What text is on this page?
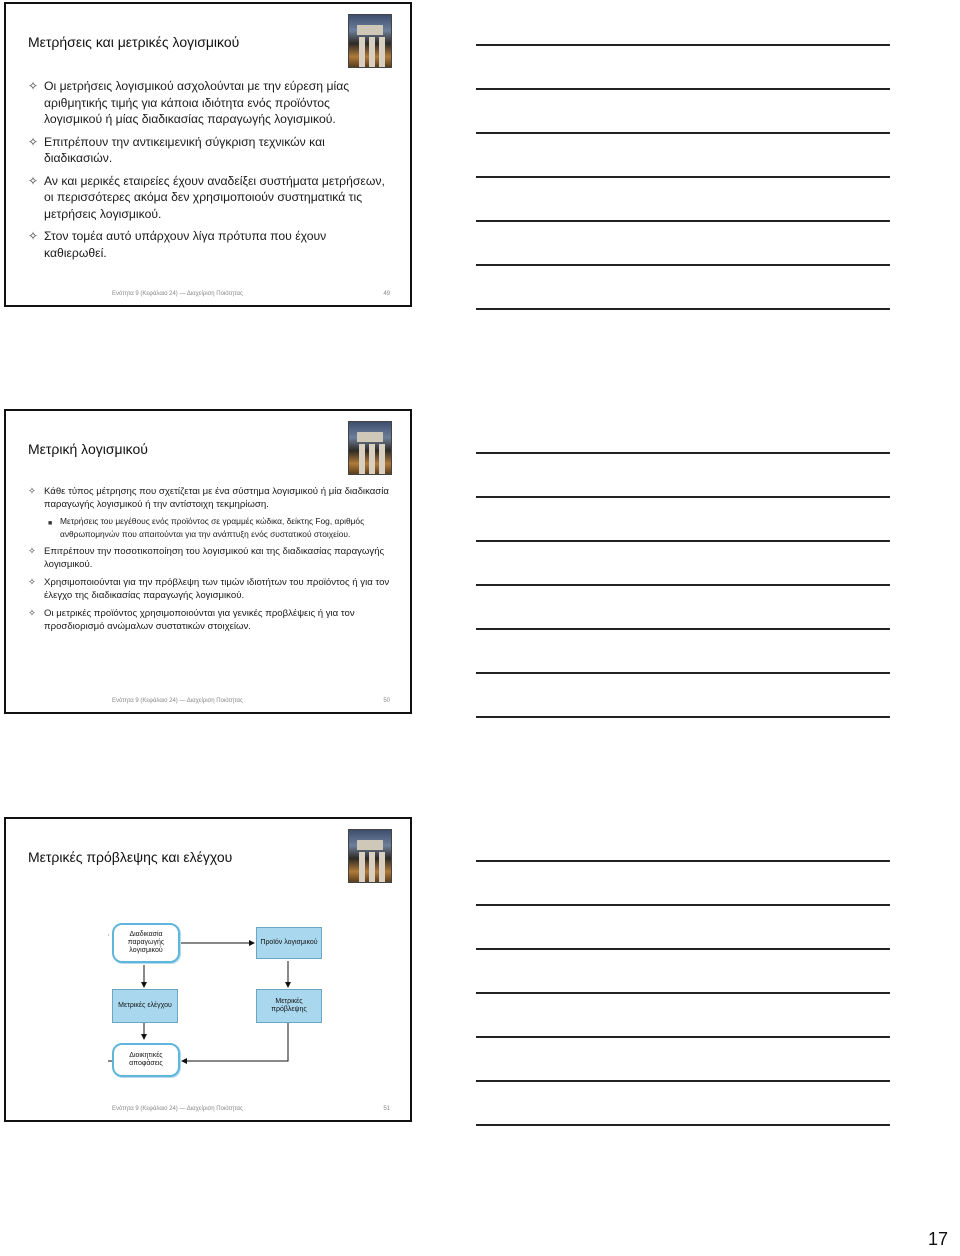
Μετρήσεις και μετρικές λογισμικού
✧ Οι μετρήσεις λογισμικού ασχολούνται με την εύρεση μίας αριθμητικής τιμής για κάποια ιδιότητα ενός προϊόντος λογισμικού ή μίας διαδικασίας παραγωγής λογισμικού.
✧ Επιτρέπουν την αντικειμενική σύγκριση τεχνικών και διαδικασιών.
✧ Αν και μερικές εταιρείες έχουν αναδείξει συστήματα μετρήσεων, οι περισσότερες ακόμα δεν χρησιμοποιούν συστηματικά τις μετρήσεις λογισμικού.
✧ Στον τομέα αυτό υπάρχουν λίγα πρότυπα που έχουν καθιερωθεί.
Ενότητα 9 (Κεφάλαιο 24) — Διαχείριση Ποιότητας	49
Μετρική λογισμικού
✧ Κάθε τύπος μέτρησης που σχετίζεται με ένα σύστημα λογισμικού ή μία διαδικασία παραγωγής λογισμικού ή την αντίστοιχη τεκμηρίωση.
■ Μετρήσεις του μεγέθους ενός προϊόντος σε γραμμές κώδικα, δείκτης Fog, αριθμός ανθρωπομηνών που απαιτούνται για την ανάπτυξη ενός συστατικού στοιχείου.
✧ Επιτρέπουν την ποσοτικοποίηση του λογισμικού και της διαδικασίας παραγωγής λογισμικού.
✧ Χρησιμοποιούνται για την πρόβλεψη των τιμών ιδιοτήτων του προϊόντος ή για τον έλεγχο της διαδικασίας παραγωγής λογισμικού.
✧ Οι μετρικές προϊόντος χρησιμοποιούνται για γενικές προβλέψεις ή για τον προσδιορισμό ανώμαλων συστατικών στοιχείων.
Ενότητα 9 (Κεφάλαιο 24) — Διαχείριση Ποιότητας	50
Μετρικές πρόβλεψης και ελέγχου
Διαδικασία παραγωγής λογισμικού
Προϊόν λογισμικού
Μετρικές ελέγχου
Μετρικές πρόβλεψης
Διοικητικές αποφάσεις
Ενότητα 9 (Κεφάλαιο 24) — Διαχείριση Ποιότητας	51
17
